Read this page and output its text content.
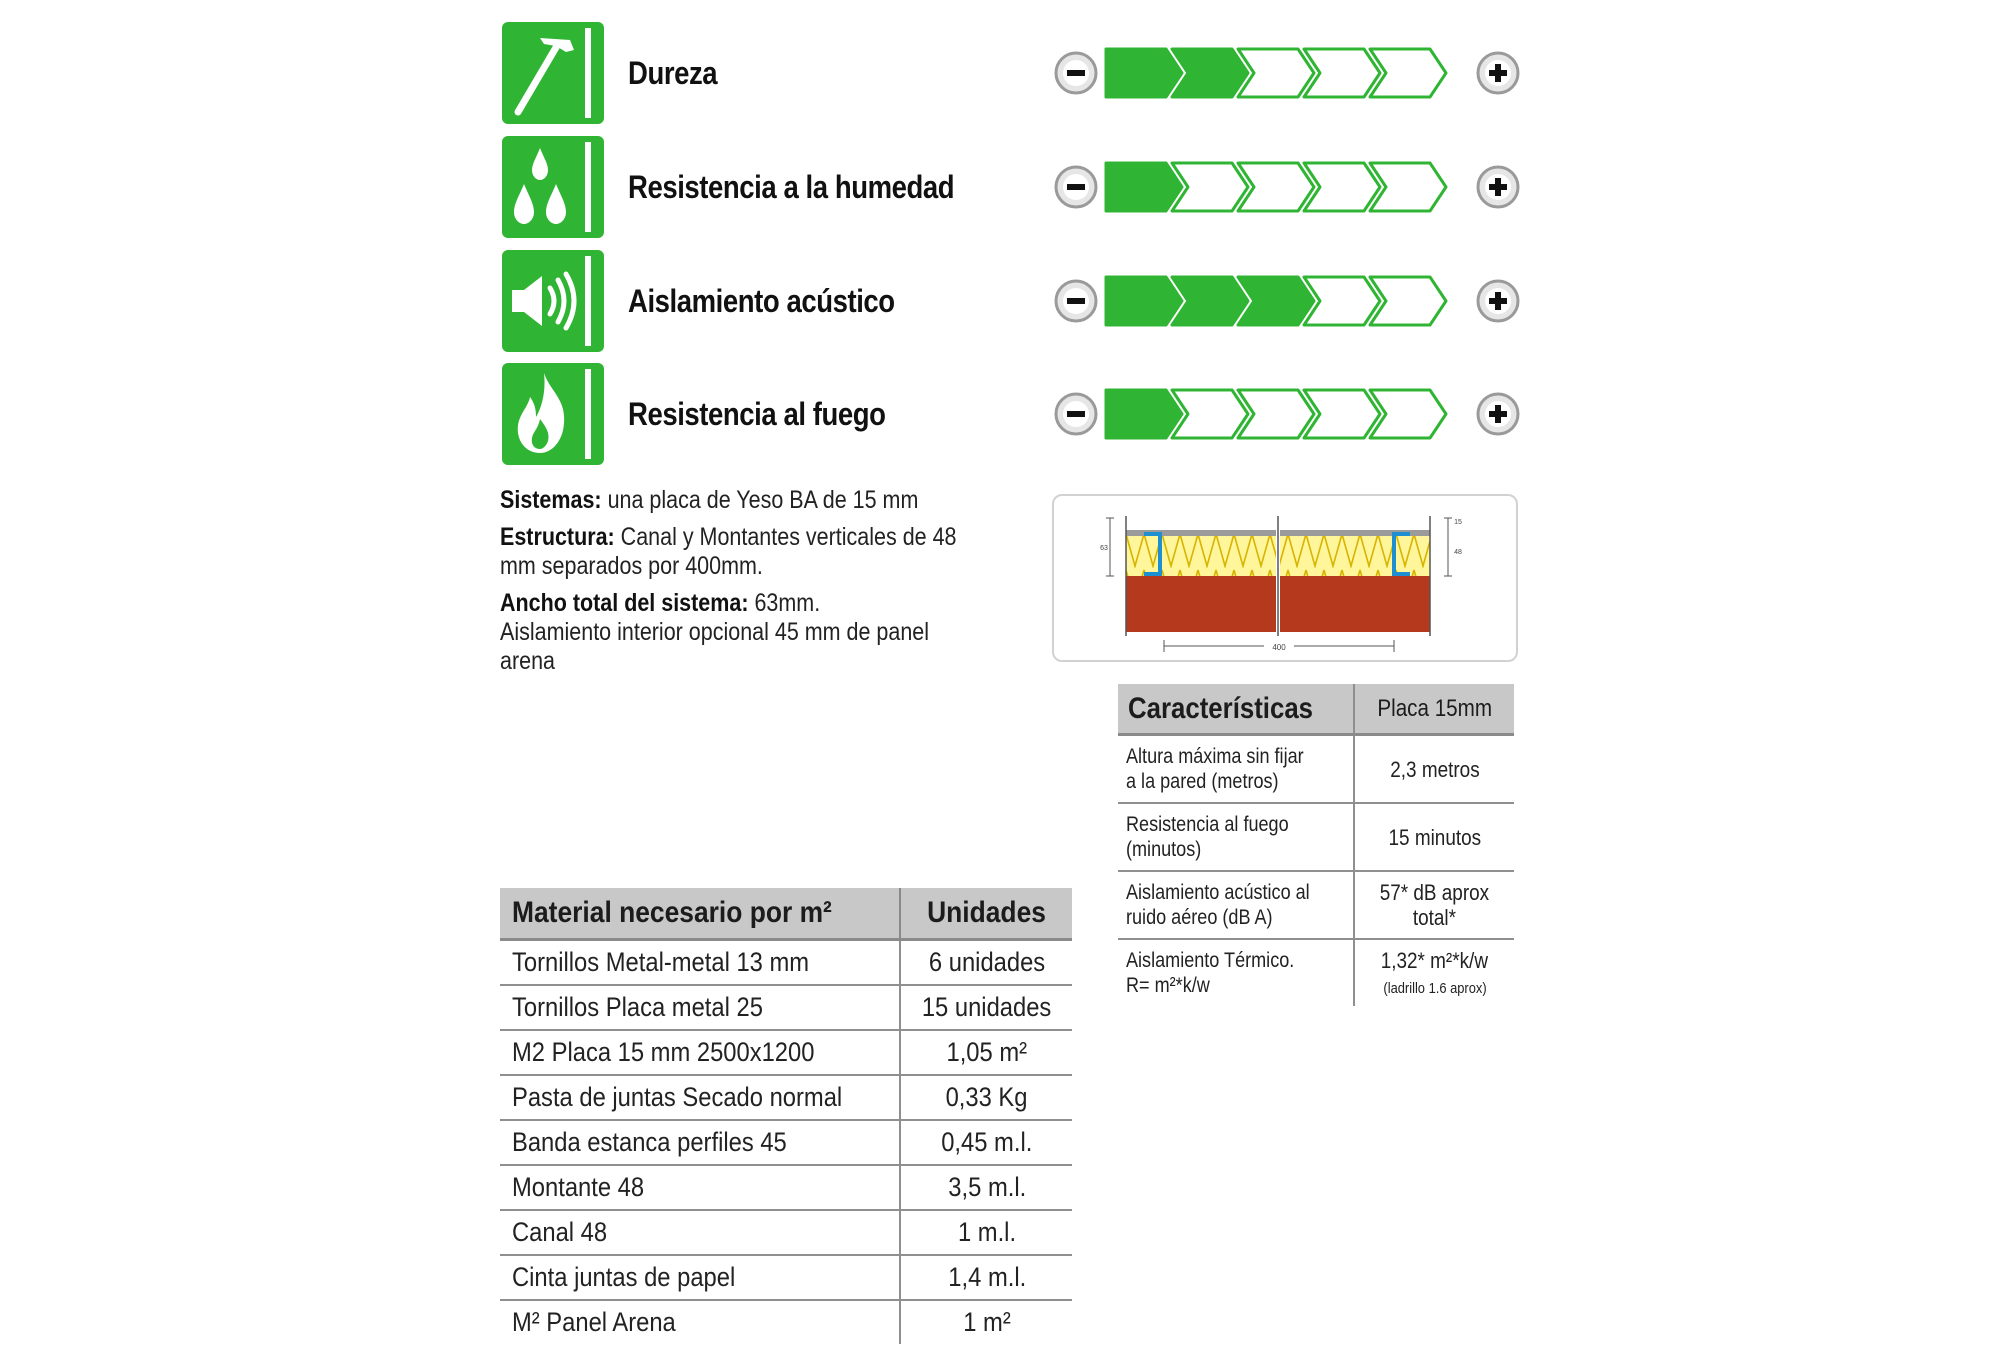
Dureza
Resistencia a la humedad
Aislamiento acústico
Resistencia al fuego

Sistemas: una placa de Yeso BA de 15 mm

Estructura: Canal y Montantes verticales de 48 mm separados por 400mm.

Ancho total del sistema: 63mm.
Aislamiento interior opcional 45 mm de panel arena	400
63
15
48
Características	Placa 15mm
Altura máxima sin fijar a la pared (metros)	2,3 metros
Resistencia al fuego (minutos)	15 minutos
Aislamiento acústico al ruido aéreo (dB A)	57* dB aprox total*
Aislamiento Térmico. R= m²*k/w	1,32* m²*k/w (ladrillo 1.6 aprox)
Material necesario por m²	Unidades
Tornillos Metal-metal 13 mm	6 unidades
Tornillos Placa metal 25	15 unidades
M2 Placa 15 mm 2500x1200	1,05 m²
Pasta de juntas Secado normal	0,33 Kg
Banda estanca perfiles 45	0,45 m.l.
Montante 48	3,5 m.l.
Canal 48	1 m.l.
Cinta juntas de papel	1,4 m.l.
M² Panel Arena	1 m²
